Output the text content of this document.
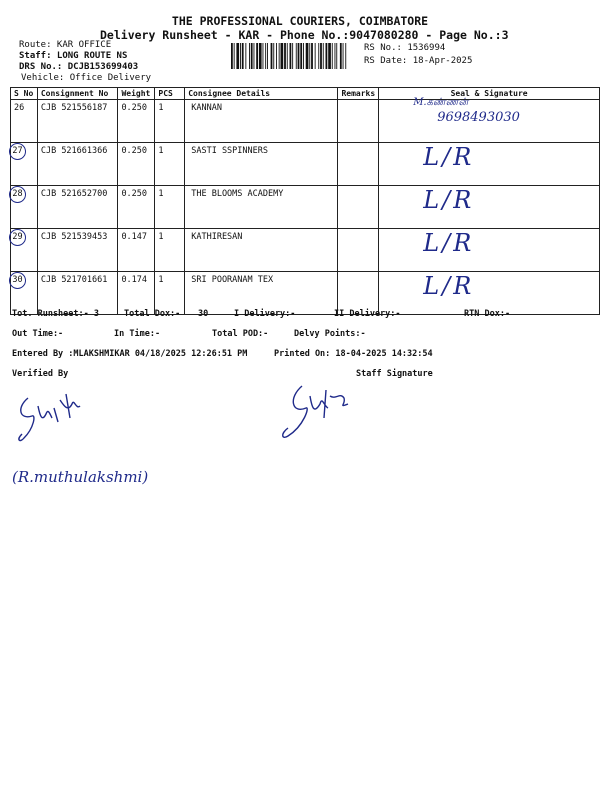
THE PROFESSIONAL COURIERS, COIMBATORE
Delivery Runsheet - KAR - Phone No.:9047080280 - Page No.:3
Route: KAR OFFICE
Staff: LONG ROUTE NS
DRS No.: DCJB153699403
Vehicle: Office Delivery
RS No.: 1536994
RS Date: 18-Apr-2025
S No	Consignment No	Weight	PCS	Consignee Details	Remarks	Seal & Signature
26	CJB 521556187	0.250	1	KANNAN		M.கண்ணன்
9698493030

27	CJB 521661366	0.250	1	SASTI SSPINNERS		L/R

28	CJB 521652700	0.250	1	THE BLOOMS ACADEMY		L/R

29	CJB 521539453	0.147	1	KATHIRESAN		L/R

30	CJB 521701661	0.174	1	SRI POORANAM TEX		L/R
Tot. Runsheet:- 3	Total Dox:- 30	I Delivery:-	II Delivery:-	RTN Dox:-
Out Time:-	In Time:-	Total POD:-	Delvy Points:-
Entered By :MLAKSHMIKAR 04/18/2025 12:26:51 PM	Printed On: 18-04-2025 14:32:54
Verified By	Staff Signature
(R.muthulakshmi)
